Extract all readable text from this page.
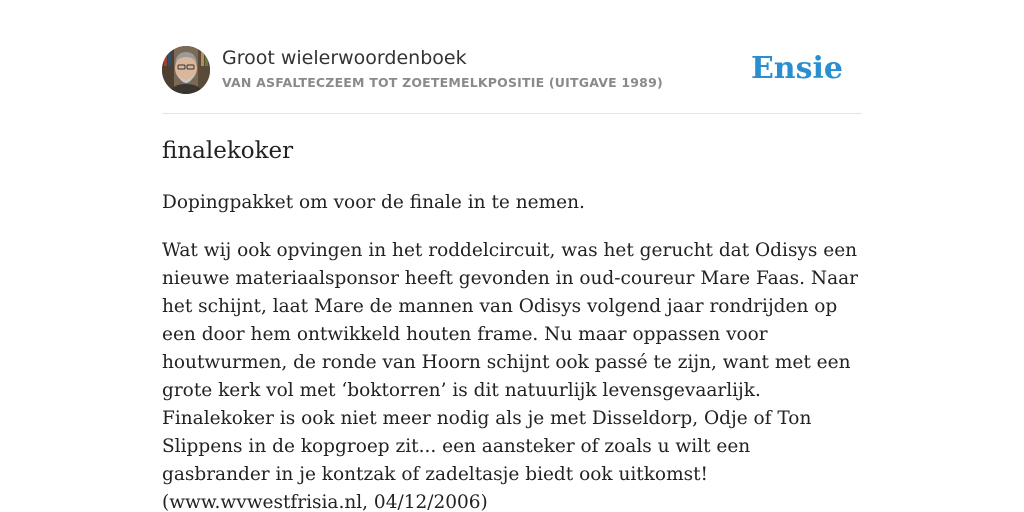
Groot wielerwoordenboek
VAN ASFALTECZEEM TOT ZOETEMELKPOSITIE (UITGAVE 1989)	Ensie
finalekoker

Dopingpakket om voor de finale in te nemen.

Wat wij ook opvingen in het roddelcircuit, was het gerucht dat Odisys een nieuwe materiaalsponsor heeft gevonden in oud-coureur Mare Faas. Naar het schijnt, laat Mare de mannen van Odisys volgend jaar rondrijden op een door hem ontwikkeld houten frame. Nu maar oppassen voor houtwurmen, de ronde van Hoorn schijnt ook passé te zijn, want met een grote kerk vol met ‘boktorren’ is dit natuurlijk levensgevaarlijk. Finalekoker is ook niet meer nodig als je met Disseldorp, Odje of Ton Slippens in de kopgroep zit... een aansteker of zoals u wilt een gasbrander in je kontzak of zadeltasje biedt ook uitkomst! (www.wvwestfrisia.nl, 04/12/2006)
